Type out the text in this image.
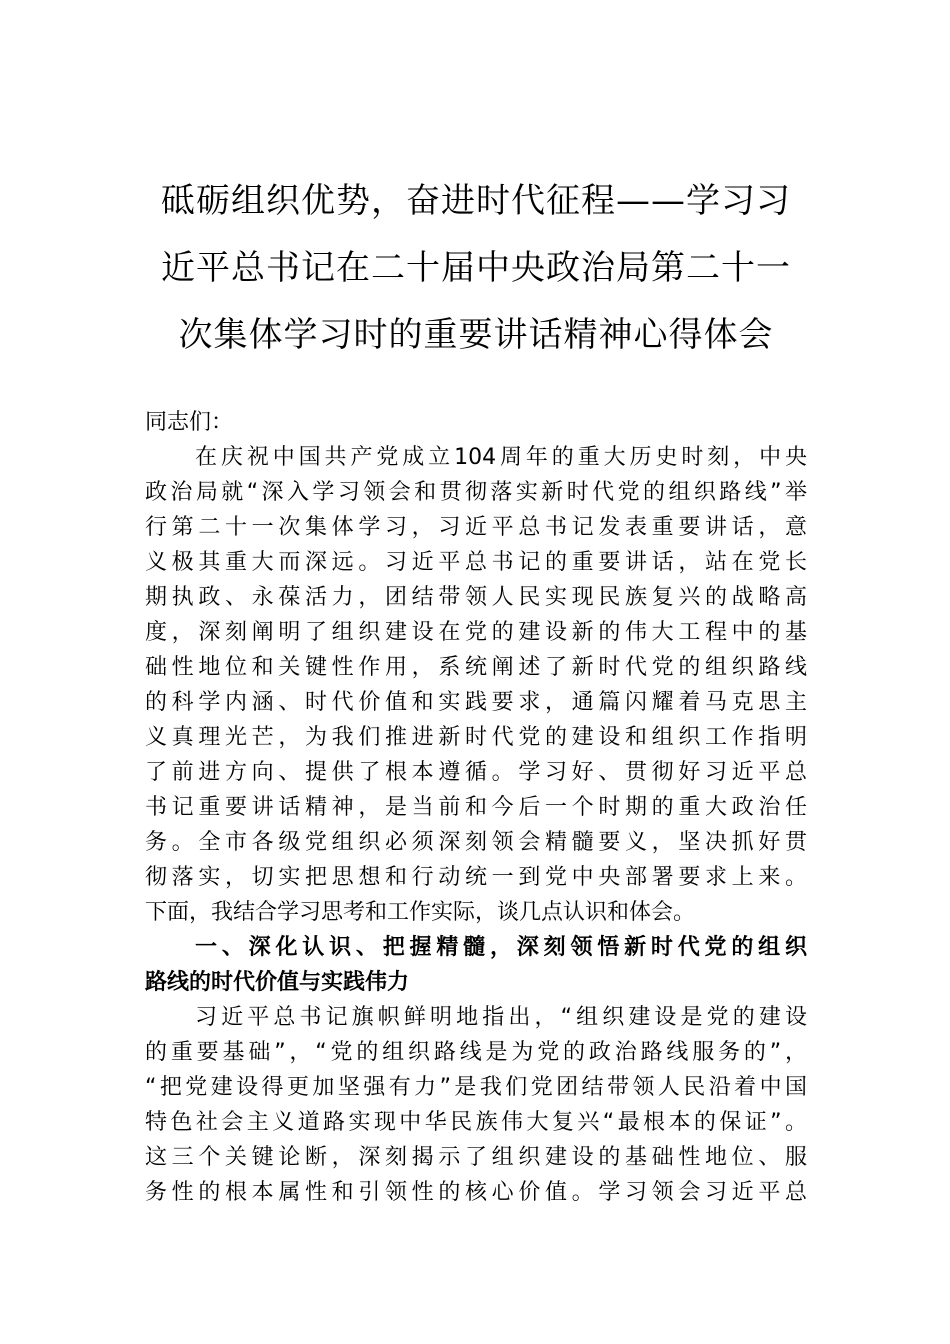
砥砺组织优势，奋进时代征程——学习习
近平总书记在二十届中央政治局第二十一
次集体学习时的重要讲话精神心得体会
同志们：
在庆祝中国共产党成立104周年的重大历史时刻，中央
政治局就“深入学习领会和贯彻落实新时代党的组织路线”举
行第二十一次集体学习，习近平总书记发表重要讲话，意
义极其重大而深远。习近平总书记的重要讲话，站在党长
期执政、永葆活力，团结带领人民实现民族复兴的战略高
度，深刻阐明了组织建设在党的建设新的伟大工程中的基
础性地位和关键性作用，系统阐述了新时代党的组织路线
的科学内涵、时代价值和实践要求，通篇闪耀着马克思主
义真理光芒，为我们推进新时代党的建设和组织工作指明
了前进方向、提供了根本遵循。学习好、贯彻好习近平总
书记重要讲话精神，是当前和今后一个时期的重大政治任
务。全市各级党组织必须深刻领会精髓要义，坚决抓好贯
彻落实，切实把思想和行动统一到党中央部署要求上来。
下面，我结合学习思考和工作实际，谈几点认识和体会。
一、深化认识、把握精髓，深刻领悟新时代党的组织
路线的时代价值与实践伟力
习近平总书记旗帜鲜明地指出，“组织建设是党的建设
的重要基础”，“党的组织路线是为党的政治路线服务的”，
“把党建设得更加坚强有力”是我们党团结带领人民沿着中国
特色社会主义道路实现中华民族伟大复兴“最根本的保证”。
这三个关键论断，深刻揭示了组织建设的基础性地位、服
务性的根本属性和引领性的核心价值。学习领会习近平总
